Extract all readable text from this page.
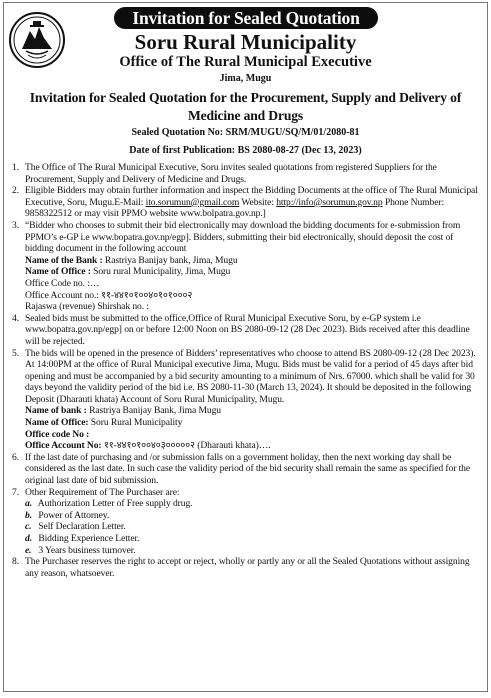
Invitation for Sealed Quotation
Soru Rural Municipality
Office of The Rural Municipal Executive
Jima, Mugu
Invitation for Sealed Quotation for the Procurement, Supply and Delivery of Medicine and Drugs
Sealed Quotation No: SRM/MUGU/SQ/M/01/2080-81
Date of first Publication: BS 2080-08-27 (Dec 13, 2023)
1. The Office of The Rural Municipal Executive, Soru invites sealed quotations from registered Suppliers for the Procurement, Supply and Delivery of Medicine and Drugs.
2. Eligible Bidders may obtain further information and inspect the Bidding Documents at the office of The Rural Municipal Executive, Soru, Mugu.E-Mail: ito.sorumun@gmail.com Website: http://info@sorumun.gov.np Phone Number: 9858322512 or may visit PPMO website www.bolpatra.gov.np.]
3. “Bidder who chooses to submit their bid electronically may download the bidding documents for e-submission from PPMO’s e-GP i.e www.bopatra.gov.np/egp]. Bidders, submitting their bid electronically, should deposit the cost of bidding document in the following account
Name of the Bank : Rastriya Banijay bank, Jima, Mugu
Name of Office : Soru rural Municipality, Jima, Mugu
Office Code no. :…
Office Account no.: ११-४४१०१००४०१०१०००२
Rajaswa (revenue) Shirshak no. :
4. Sealed bids must be submitted to the office,Office of Rural Municipal Executive Soru, by e-GP system i.e www.bopatra.gov.np/egp] on or before 12:00 Noon on BS 2080-09-12 (28 Dec 2023). Bids received after this deadline will be rejected.
5. The bids will be opened in the presence of Bidders’ representatives who choose to attend BS 2080-09-12 (28 Dec 2023). At 14:00PM at the office of Rural Municipal executive Jima, Mugu. Bids must be valid for a period of 45 days after bid opening and must be accompanied by a bid security amounting to a minimum of Nrs. 67000. which shall be valid for 30 days beyond the validity period of the bid i.e. BS 2080-11-30 (March 13, 2024). It should be deposited in the following Deposit (Dharauti khata) Account of Soru Rural Municipality, Mugu.
Name of bank : Rastriya Banijay Bank, Jima Mugu
Name of Office: Soru Rural Municipality
Office code No :
Office Account No: ११-४४१०१००४०३०००००२ (Dharauti khata)….
6. If the last date of purchasing and /or submission falls on a government holiday, then the next working day shall be considered as the last date. In such case the validity period of the bid security shall remain the same as specified for the original last date of bid submission.
7. Other Requirement of The Purchaser are:
a. Authorization Letter of Free supply drug.
b. Power of Attorney.
c. Self Declaration Letter.
d. Bidding Experience Letter.
e. 3 Years business turnover.
8. The Purchaser reserves the right to accept or reject, wholly or partly any or all the Sealed Quotations without assigning any reason, whatsoever.
